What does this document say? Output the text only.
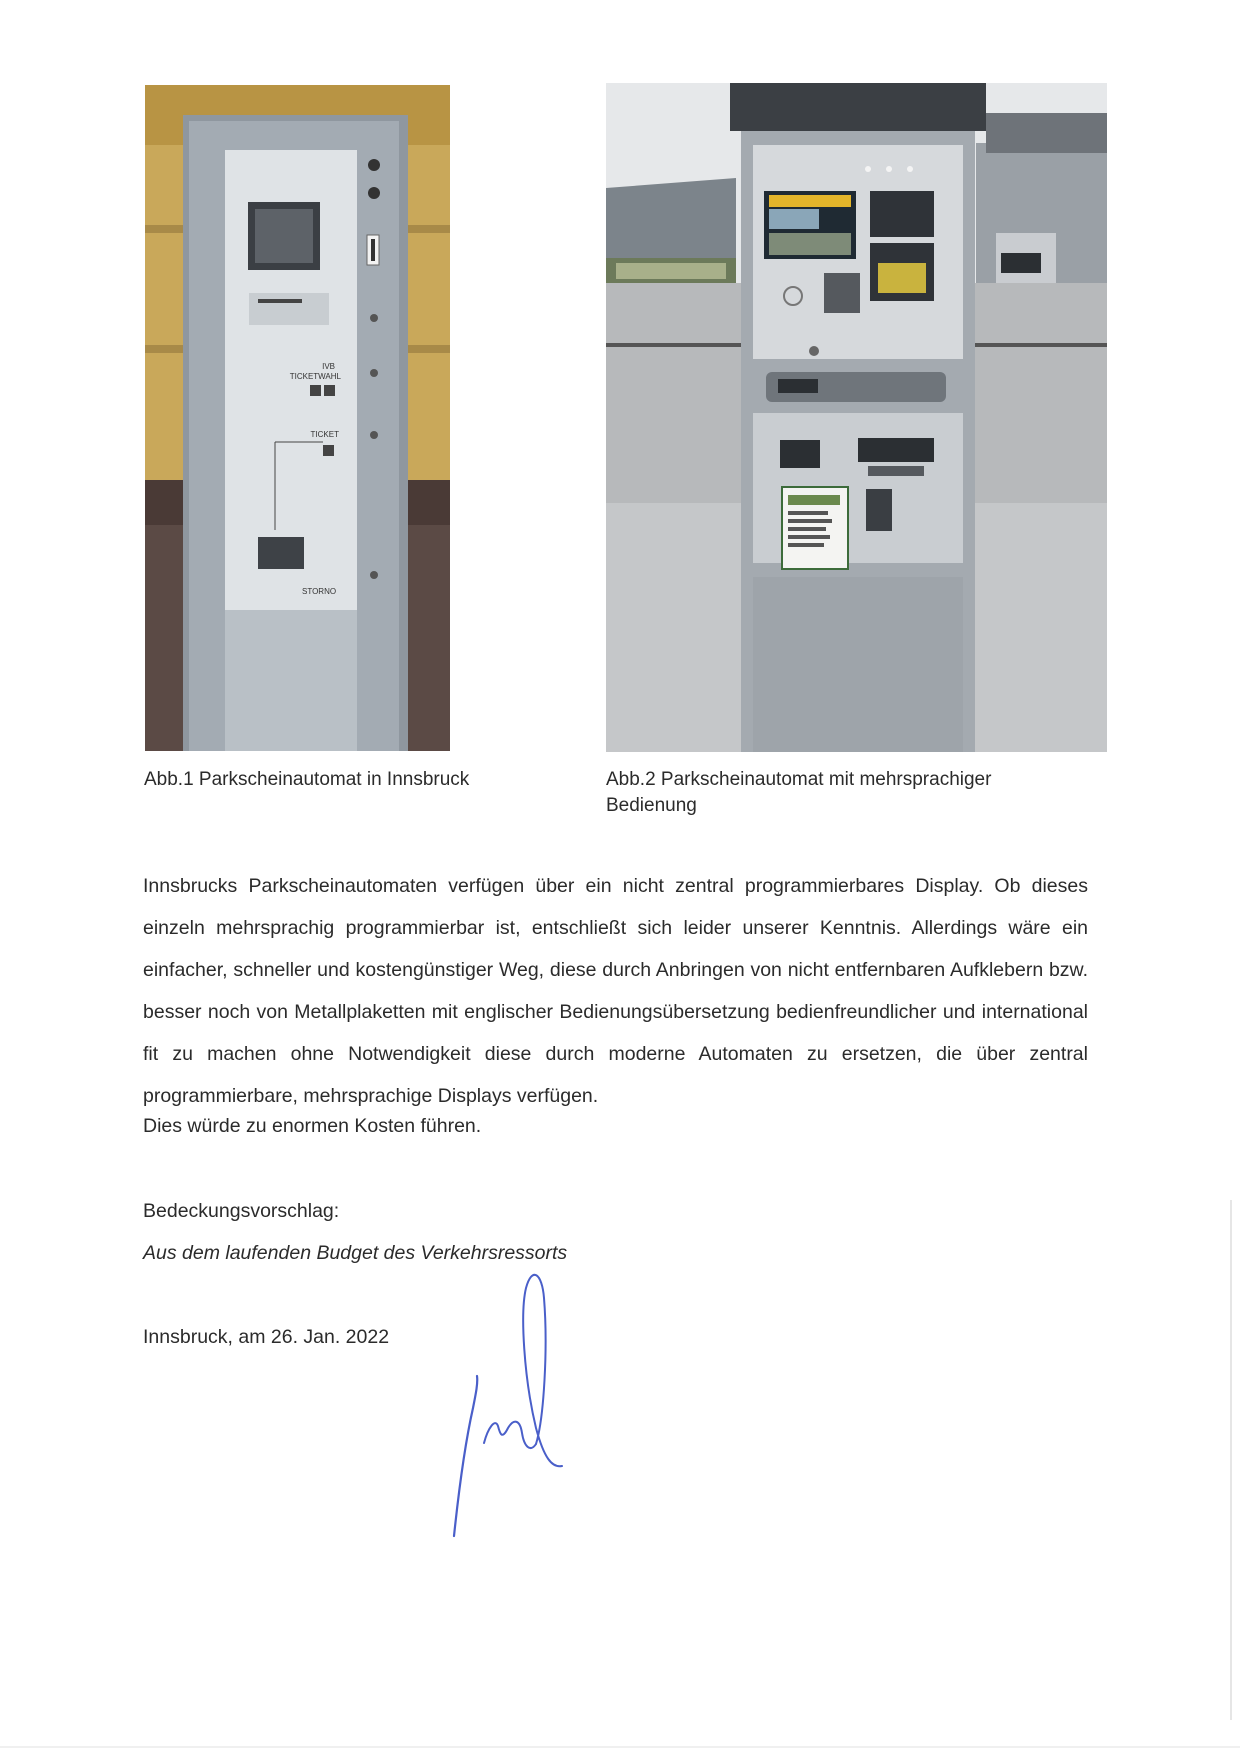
IVB
TICKETWAHL
TICKET
STORNO
Abb.1 Parkscheinautomat in Innsbruck	Abb.2 Parkscheinautomat mit mehrsprachiger Bedienung

Innsbrucks Parkscheinautomaten verfügen über ein nicht zentral programmierbares Display. Ob dieses einzeln mehrsprachig programmierbar ist, entschließt sich leider unserer Kenntnis. Allerdings wäre ein einfacher, schneller und kostengünstiger Weg, diese durch Anbringen von nicht entfernbaren Aufklebern bzw. besser noch von Metallplaketten mit englischer Bedienungsübersetzung bedienfreundlicher und international fit zu machen ohne Notwendigkeit diese durch moderne Automaten zu ersetzen, die über zentral programmierbare, mehrsprachige Displays verfügen.

Dies würde zu enormen Kosten führen.
Bedeckungsvorschlag:
Aus dem laufenden Budget des Verkehrsressorts
Innsbruck, am 26. Jan. 2022
